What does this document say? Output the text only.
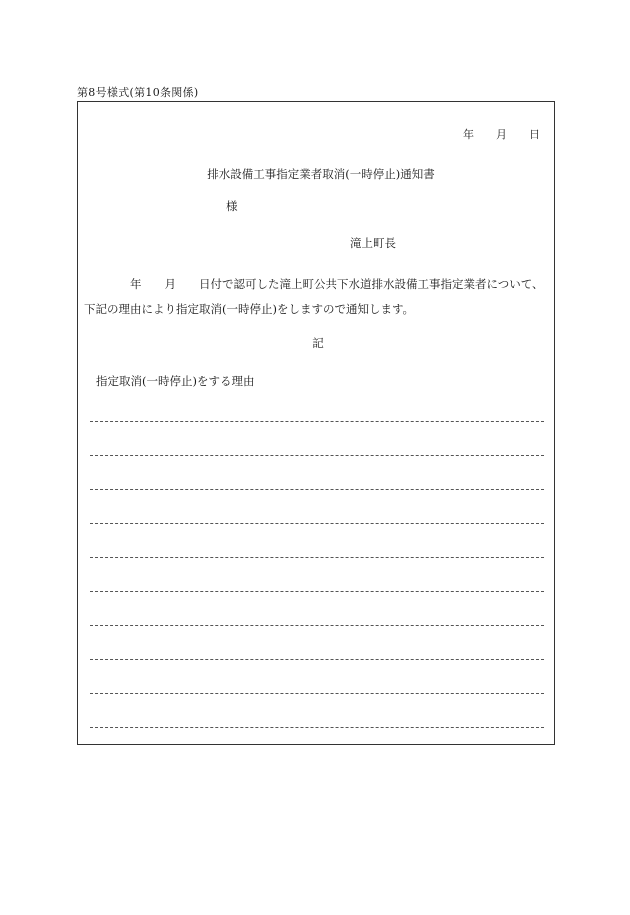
第8号様式(第10条関係)
年　　月　　日
排水設備工事指定業者取消(一時停止)通知書
様
滝上町長
　　　　年　　月　　日付で認可した滝上町公共下水道排水設備工事指定業者について、
下記の理由により指定取消(一時停止)をしますので通知します。
記
指定取消(一時停止)をする理由
